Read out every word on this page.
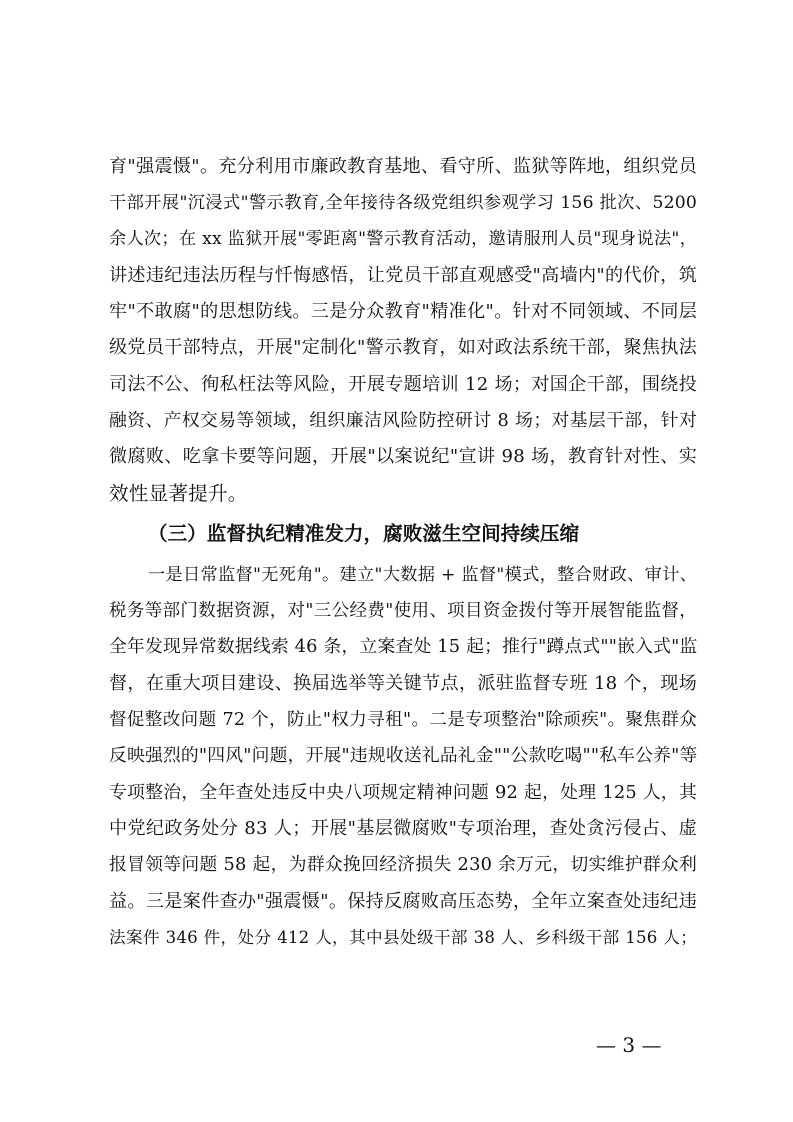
育"强震慑"。充分利用市廉政教育基地、看守所、监狱等阵地，组织党员
干部开展"沉浸式"警示教育,全年接待各级党组织参观学习 156 批次、5200
余人次；在 xx 监狱开展"零距离"警示教育活动，邀请服刑人员"现身说法"，
讲述违纪违法历程与忏悔感悟，让党员干部直观感受"高墙内"的代价，筑
牢"不敢腐"的思想防线。三是分众教育"精准化"。针对不同领域、不同层
级党员干部特点，开展"定制化"警示教育，如对政法系统干部，聚焦执法
司法不公、徇私枉法等风险，开展专题培训 12 场；对国企干部，围绕投
融资、产权交易等领域，组织廉洁风险防控研讨 8 场；对基层干部，针对
微腐败、吃拿卡要等问题，开展"以案说纪"宣讲 98 场，教育针对性、实
效性显著提升。
（三）监督执纪精准发力，腐败滋生空间持续压缩
一是日常监督"无死角"。建立"大数据 + 监督"模式，整合财政、审计、
税务等部门数据资源，对"三公经费"使用、项目资金拨付等开展智能监督，
全年发现异常数据线索 46 条，立案查处 15 起；推行"蹲点式""嵌入式"监
督，在重大项目建设、换届选举等关键节点，派驻监督专班 18 个，现场
督促整改问题 72 个，防止"权力寻租"。二是专项整治"除顽疾"。聚焦群众
反映强烈的"四风"问题，开展"违规收送礼品礼金""公款吃喝""私车公养"等
专项整治，全年查处违反中央八项规定精神问题 92 起，处理 125 人，其
中党纪政务处分 83 人；开展"基层微腐败"专项治理，查处贪污侵占、虚
报冒领等问题 58 起，为群众挽回经济损失 230 余万元，切实维护群众利
益。三是案件查办"强震慑"。保持反腐败高压态势，全年立案查处违纪违
法案件 346 件，处分 412 人，其中县处级干部 38 人、乡科级干部 156 人；
— 3 —
